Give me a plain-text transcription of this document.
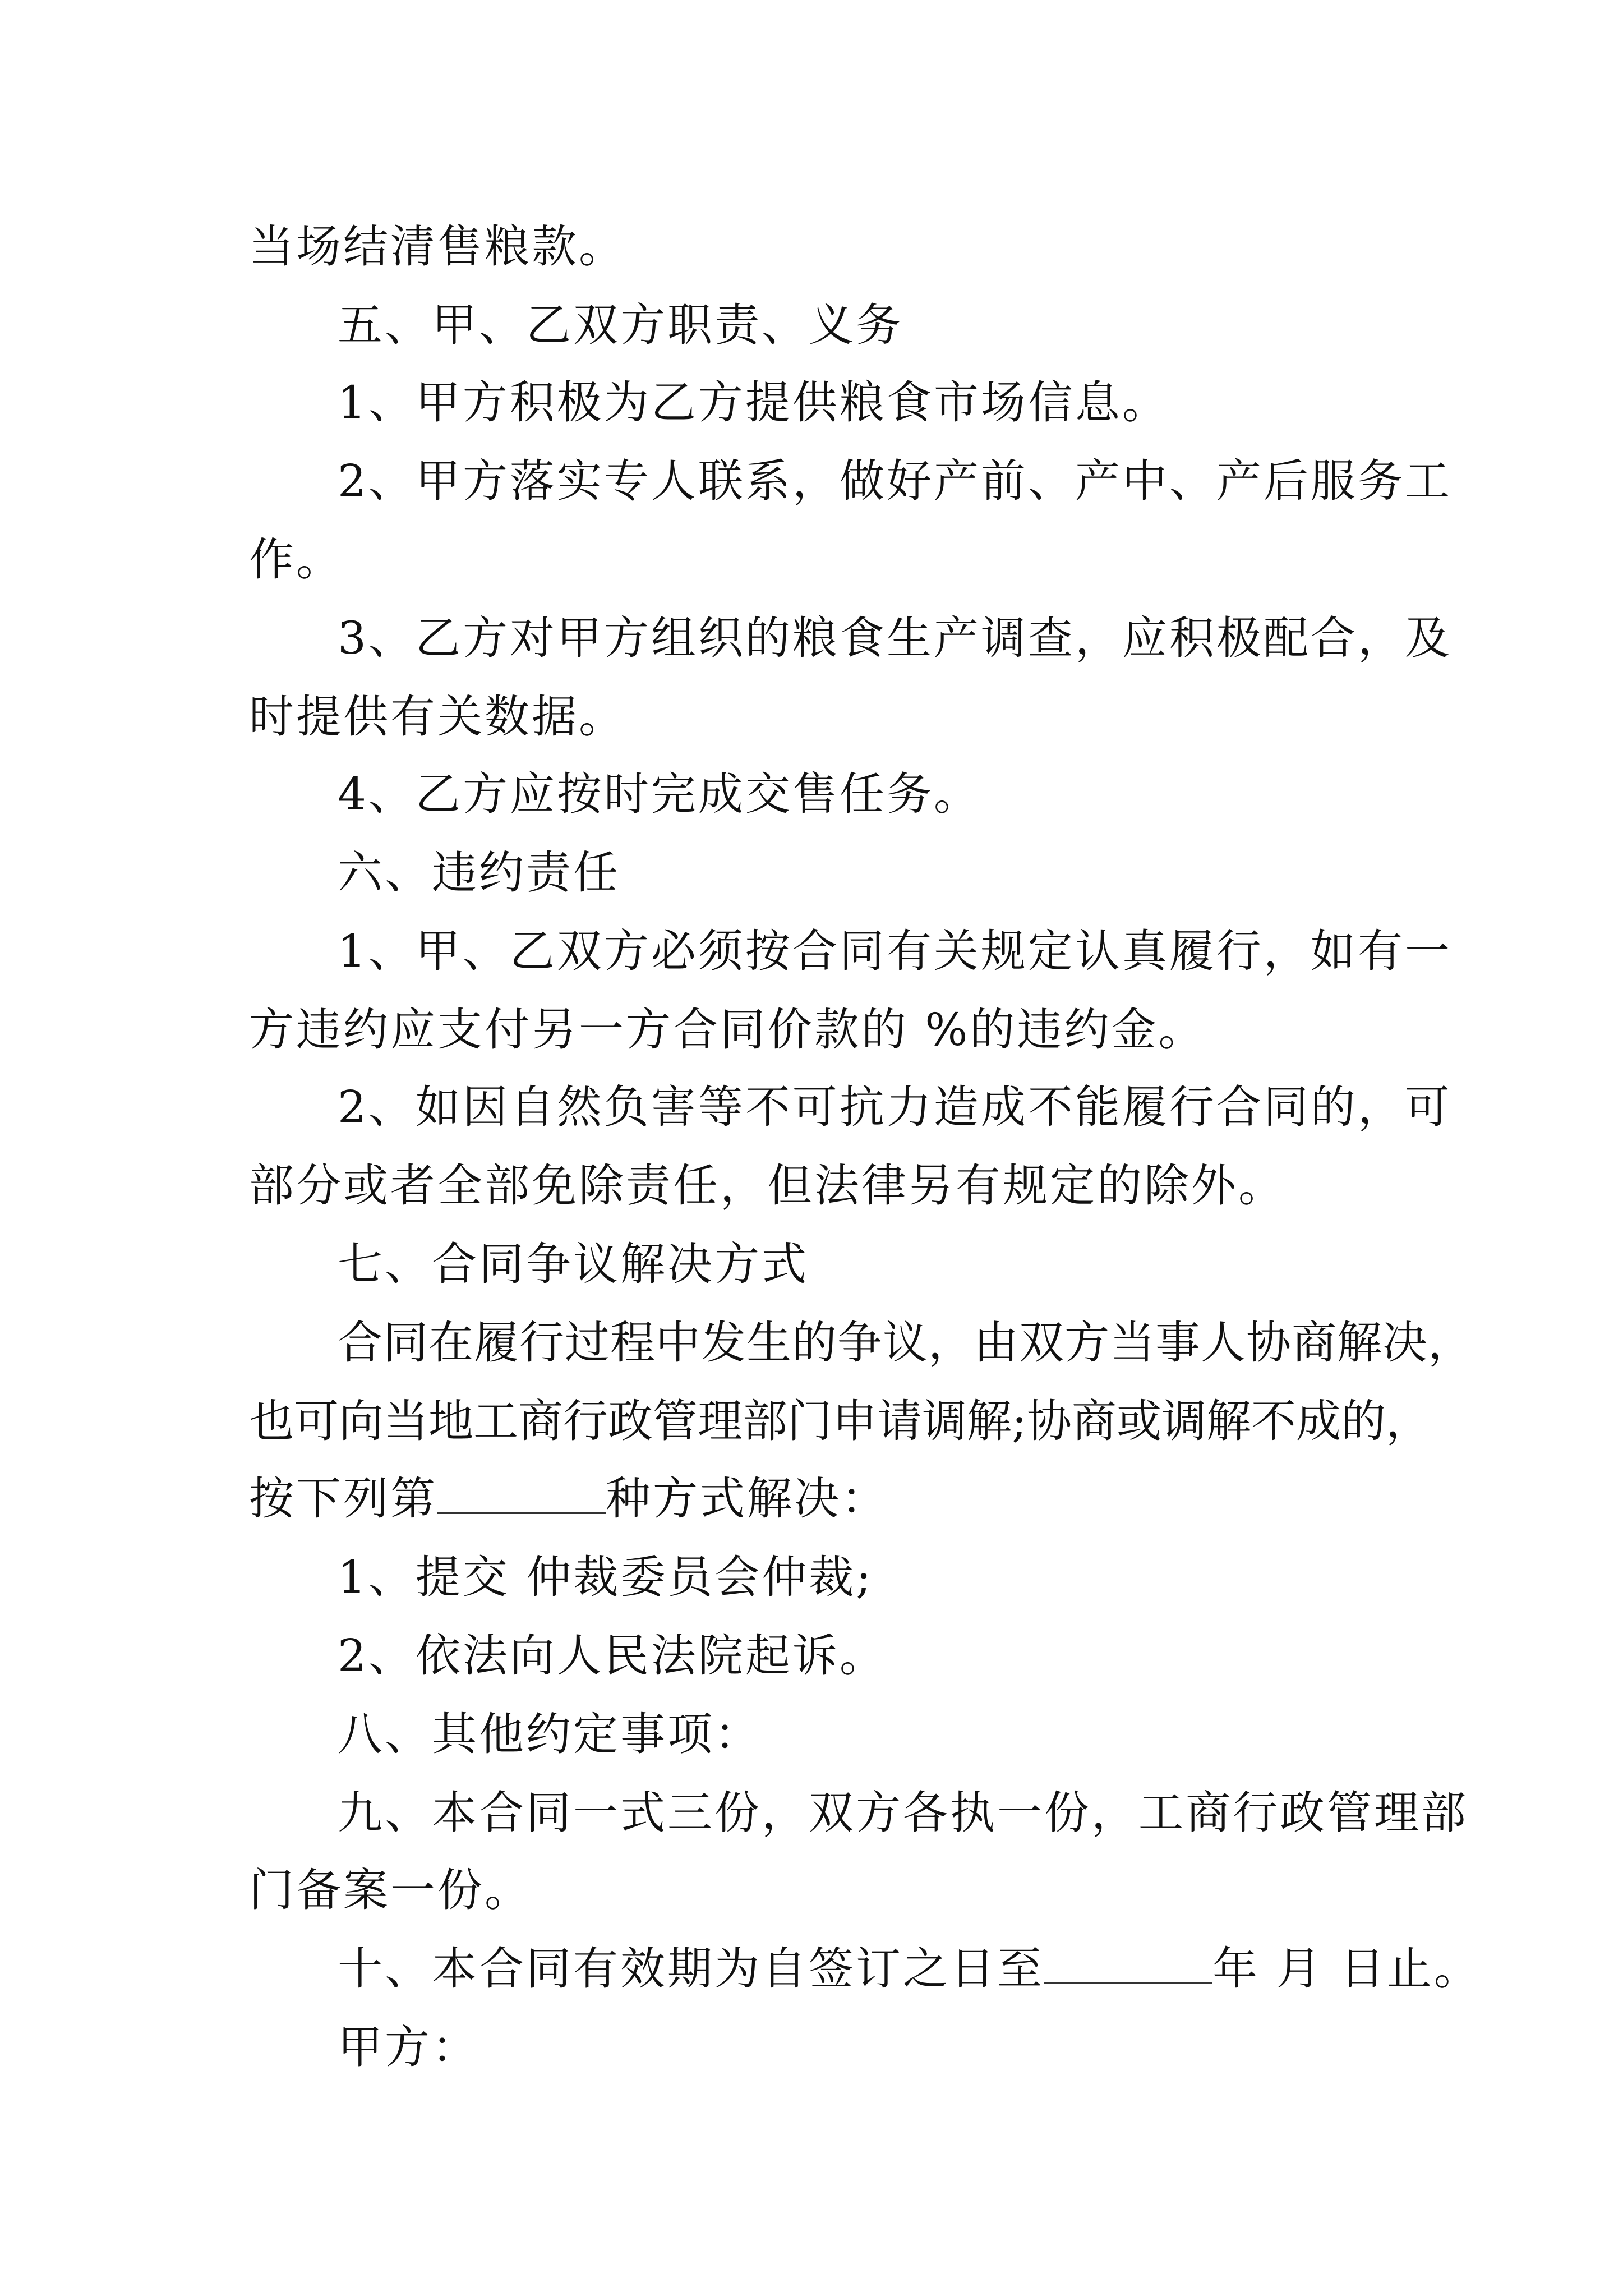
当场结清售粮款。
五、甲、乙双方职责、义务
1、甲方积极为乙方提供粮食市场信息。
2、甲方落实专人联系，做好产前、产中、产后服务工
作。
3、乙方对甲方组织的粮食生产调查，应积极配合，及
时提供有关数据。
4、乙方应按时完成交售任务。
六、违约责任
1、甲、乙双方必须按合同有关规定认真履行，如有一
方违约应支付另一方合同价款的 %的违约金。
2、如因自然负害等不可抗力造成不能履行合同的，可
部分或者全部免除责任，但法律另有规定的除外。
七、合同争议解决方式
合同在履行过程中发生的争议，由双方当事人协商解决，
也可向当地工商行政管理部门申请调解;协商或调解不成的，
按下列第	种方式解决：
1、提交 仲裁委员会仲裁;
2、依法向人民法院起诉。
八、其他约定事项：
九、本合同一式三份，双方各执一份，工商行政管理部
门备案一份。
十、本合同有效期为自签订之日至	年 月 日止。
甲方：
